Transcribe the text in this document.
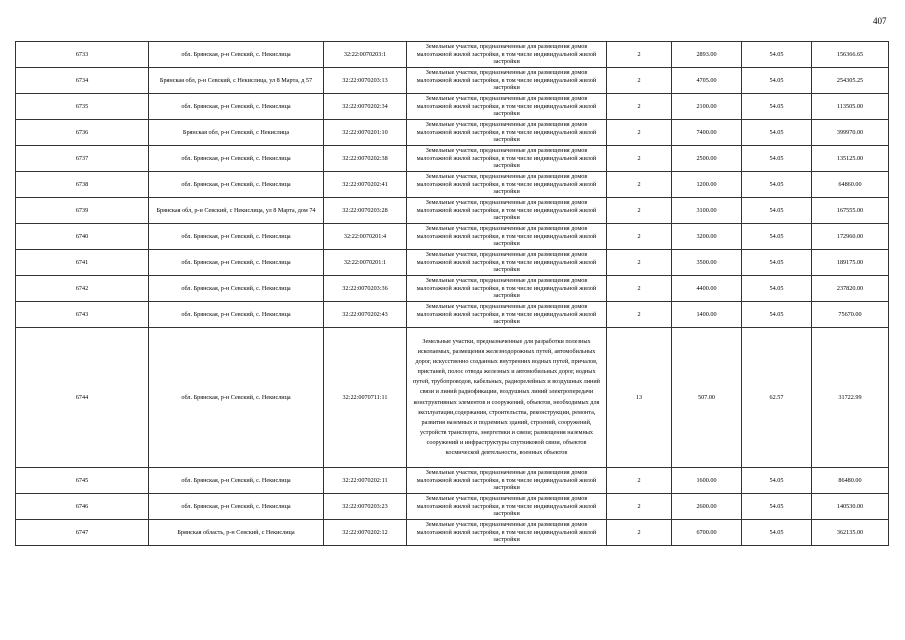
407
6733	обл. Брянская, р-н Севский, с. Некислица	32:22:0070203:1	Земельные участки, предназначенные для размещения домов малоэтажной жилой застройки, в том числе индивидуальной жилой застройки	2	2893.00	54.05	156366.65
6734	Брянская обл, р-н Севский, с Некислица, ул 8 Марта, д 57	32:22:0070203:13	Земельные участки, предназначенные для размещения домов малоэтажной жилой застройки, в том числе индивидуальной жилой застройки	2	4705.00	54.05	254305.25
6735	обл. Брянская, р-н Севский, с. Некислица	32:22:0070202:34	Земельные участки, предназначенные для размещения домов малоэтажной жилой застройки, в том числе индивидуальной жилой застройки	2	2100.00	54.05	113505.00
6736	Брянская обл, р-н Севский, с Некислица	32:22:0070201:10	Земельные участки, предназначенные для размещения домов малоэтажной жилой застройки, в том числе индивидуальной жилой застройки	2	7400.00	54.05	399970.00
6737	обл. Брянская, р-н Севский, с. Некислица	32:22:0070202:38	Земельные участки, предназначенные для размещения домов малоэтажной жилой застройки, в том числе индивидуальной жилой застройки	2	2500.00	54.05	135125.00
6738	обл. Брянская, р-н Севский, с. Некислица	32:22:0070202:41	Земельные участки, предназначенные для размещения домов малоэтажной жилой застройки, в том числе индивидуальной жилой застройки	2	1200.00	54.05	64860.00
6739	Брянская обл, р-н Севский, с Некислица, ул 8 Марта, дом 74	32:22:0070203:28	Земельные участки, предназначенные для размещения домов малоэтажной жилой застройки, в том числе индивидуальной жилой застройки	2	3100.00	54.05	167555.00
6740	обл. Брянская, р-н Севский, с. Некислица	32:22:0070201:4	Земельные участки, предназначенные для размещения домов малоэтажной жилой застройки, в том числе индивидуальной жилой застройки	2	3200.00	54.05	172960.00
6741	обл. Брянская, р-н Севский, с. Некислица	32:22:0070201:1	Земельные участки, предназначенные для размещения домов малоэтажной жилой застройки, в том числе индивидуальной жилой застройки	2	3500.00	54.05	189175.00
6742	обл. Брянская, р-н Севский, с. Некислица	32:22:0070203:36	Земельные участки, предназначенные для размещения домов малоэтажной жилой застройки, в том числе индивидуальной жилой застройки	2	4400.00	54.05	237820.00
6743	обл. Брянская, р-н Севский, с. Некислица	32:22:0070202:43	Земельные участки, предназначенные для размещения домов малоэтажной жилой застройки, в том числе индивидуальной жилой застройки	2	1400.00	54.05	75670.00
6744	обл. Брянская, р-н Севский, с. Некислица	32:22:0070711:11	Земельные участки, предназначенные для разработки полезных ископаемых, размещения железнодорожных путей, автомобильных дорог, искусственно созданных внутренних водных путей, причалов, пристаней, полос отвода железных и автомобильных дорог, водных путей, трубопроводов, кабельных, радиорелейных и воздушных линий связи и линий радиофикации, воздушных линий электропередачи конструктивных элементов и сооружений, объектов, необходимых для эксплуатации,содержания, строительства, реконструкции, ремонта, развития наземных и подземных зданий, строений, сооружений, устройств транспорта, энергетики и связи; размещения наземных сооружений и инфраструктуры спутниковой связи, объектов космической деятельности, военных объектов	13	507.00	62.57	31722.99
6745	обл. Брянская, р-н Севский, с. Некислица	32:22:0070202:11	Земельные участки, предназначенные для размещения домов малоэтажной жилой застройки, в том числе индивидуальной жилой застройки	2	1600.00	54.05	86480.00
6746	обл. Брянская, р-н Севский, с. Некислица	32:22:0070203:23	Земельные участки, предназначенные для размещения домов малоэтажной жилой застройки, в том числе индивидуальной жилой застройки	2	2600.00	54.05	140530.00
6747	Брянская область, р-н Севский, с Некислица	32:22:0070202:12	Земельные участки, предназначенные для размещения домов малоэтажной жилой застройки, в том числе индивидуальной жилой застройки	2	6700.00	54.05	362135.00
